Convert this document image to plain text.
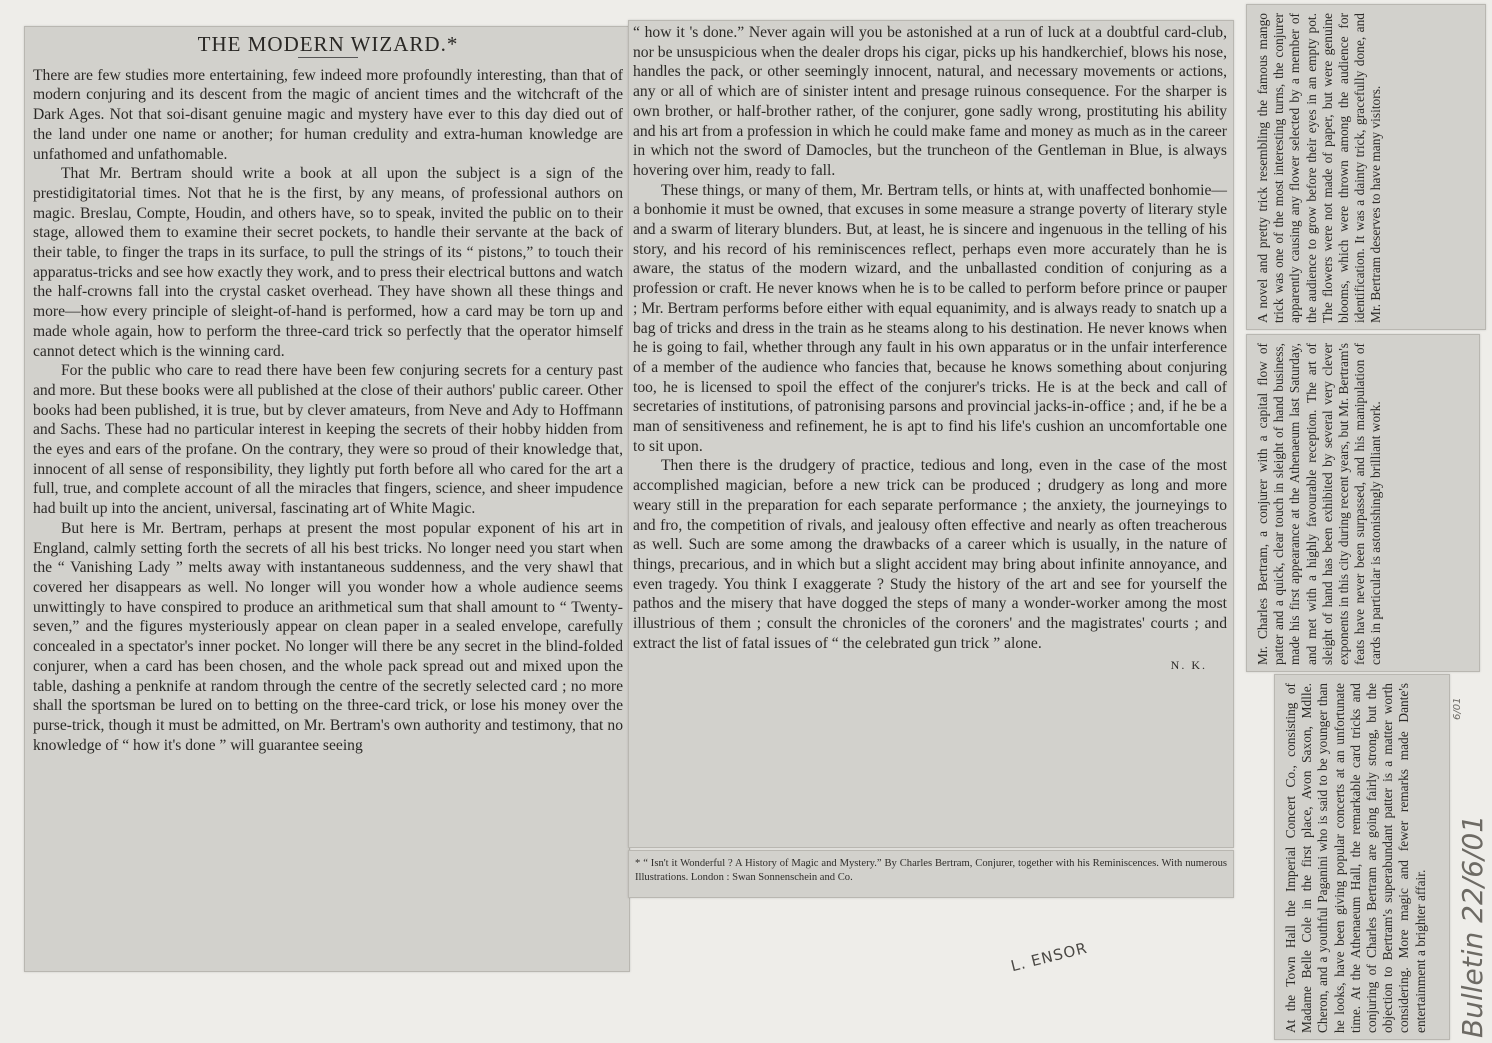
THE MODERN WIZARD.*

There are few studies more entertaining, few indeed more profoundly interesting, than that of modern conjuring and its descent from the magic of ancient times and the witchcraft of the Dark Ages. Not that soi-disant genuine magic and mystery have ever to this day died out of the land under one name or another; for human credulity and extra-human knowledge are unfathomed and unfathomable.

That Mr. Bertram should write a book at all upon the subject is a sign of the prestidigitatorial times. Not that he is the first, by any means, of professional authors on magic. Breslau, Compte, Houdin, and others have, so to speak, invited the public on to their stage, allowed them to examine their secret pockets, to handle their servante at the back of their table, to finger the traps in its surface, to pull the strings of its “ pistons,” to touch their apparatus-tricks and see how exactly they work, and to press their electrical buttons and watch the half-crowns fall into the crystal casket overhead. They have shown all these things and more—how every principle of sleight-of-hand is performed, how a card may be torn up and made whole again, how to perform the three-card trick so perfectly that the operator himself cannot detect which is the winning card.

For the public who care to read there have been few conjuring secrets for a century past and more. But these books were all published at the close of their authors' public career. Other books had been published, it is true, but by clever amateurs, from Neve and Ady to Hoffmann and Sachs. These had no particular interest in keeping the secrets of their hobby hidden from the eyes and ears of the profane. On the contrary, they were so proud of their knowledge that, innocent of all sense of responsibility, they lightly put forth before all who cared for the art a full, true, and complete account of all the miracles that fingers, science, and sheer impudence had built up into the ancient, universal, fascinating art of White Magic.

But here is Mr. Bertram, perhaps at present the most popular exponent of his art in England, calmly setting forth the secrets of all his best tricks. No longer need you start when the “ Vanishing Lady ” melts away with instantaneous suddenness, and the very shawl that covered her disappears as well. No longer will you wonder how a whole audience seems unwittingly to have conspired to produce an arithmetical sum that shall amount to “ Twenty-seven,” and the figures mysteriously appear on clean paper in a sealed envelope, carefully concealed in a spectator's inner pocket. No longer will there be any secret in the blind-folded conjurer, when a card has been chosen, and the whole pack spread out and mixed upon the table, dashing a penknife at random through the centre of the secretly selected card ; no more shall the sportsman be lured on to betting on the three-card trick, or lose his money over the purse-trick, though it must be admitted, on Mr. Bertram's own authority and testimony, that no knowledge of “ how it's done ” will guarantee seeing

“ how it 's done.” Never again will you be astonished at a run of luck at a doubtful card-club, nor be unsuspicious when the dealer drops his cigar, picks up his handkerchief, blows his nose, handles the pack, or other seemingly innocent, natural, and necessary movements or actions, any or all of which are of sinister intent and presage ruinous consequence. For the sharper is own brother, or half-brother rather, of the conjurer, gone sadly wrong, prostituting his ability and his art from a profession in which he could make fame and money as much as in the career in which not the sword of Damocles, but the truncheon of the Gentleman in Blue, is always hovering over him, ready to fall.

These things, or many of them, Mr. Bertram tells, or hints at, with unaffected bonhomie—a bonhomie it must be owned, that excuses in some measure a strange poverty of literary style and a swarm of literary blunders. But, at least, he is sincere and ingenuous in the telling of his story, and his record of his reminiscences reflect, perhaps even more accurately than he is aware, the status of the modern wizard, and the unballasted condition of conjuring as a profession or craft. He never knows when he is to be called to perform before prince or pauper ; Mr. Bertram performs before either with equal equanimity, and is always ready to snatch up a bag of tricks and dress in the train as he steams along to his destination. He never knows when he is going to fail, whether through any fault in his own apparatus or in the unfair interference of a member of the audience who fancies that, because he knows something about conjuring too, he is licensed to spoil the effect of the conjurer's tricks. He is at the beck and call of secretaries of institutions, of patronising parsons and provincial jacks-in-office ; and, if he be a man of sensitiveness and refinement, he is apt to find his life's cushion an uncomfortable one to sit upon.

Then there is the drudgery of practice, tedious and long, even in the case of the most accomplished magician, before a new trick can be produced ; drudgery as long and more weary still in the preparation for each separate performance ; the anxiety, the journeyings to and fro, the competition of rivals, and jealousy often effective and nearly as often treacherous as well. Such are some among the drawbacks of a career which is usually, in the nature of things, precarious, and in which but a slight accident may bring about infinite annoyance, and even tragedy. You think I exaggerate ? Study the history of the art and see for yourself the pathos and the misery that have dogged the steps of many a wonder-worker among the most illustrious of them ; consult the chronicles of the coroners' and the magistrates' courts ; and extract the list of fatal issues of “ the celebrated gun trick ” alone.

N. K.
* “ Isn't it Wonderful ? A History of Magic and Mystery.” By Charles Bertram, Conjurer, together with his Reminiscences. With numerous Illustrations. London : Swan Sonnenschein and Co.
A novel and pretty trick resembling the famous mango trick was one of the most interesting turns, the conjurer apparently causing any flower selected by a member of the audience to grow before their eyes in an empty pot. The flowers were not made of paper, but were genuine blooms, which were thrown among the audience for identification. It was a dainty trick, gracefully done, and Mr. Bertram deserves to have many visitors.
Mr. Charles Bertram, a conjurer with a capital flow of patter and a quick, clear touch in sleight of hand business, made his first appearance at the Athenaeum last Saturday, and met with a highly favourable reception. The art of sleight of hand has been exhibited by several very clever exponents in this city during recent years, but Mr. Bertram's feats have never been surpassed, and his manipulation of cards in particular is astonishingly brilliant work.
At the Town Hall the Imperial Concert Co., consisting of Madame Belle Cole in the first place, Avon Saxon, Mdlle. Cheron, and a youthful Paganini who is said to be younger than he looks, have been giving popular concerts at an unfortunate time. At the Athenaeum Hall, the remarkable card tricks and conjuring of Charles Bertram are going fairly strong, but the objection to Bertram's superabundant patter is a matter worth considering. More magic and fewer remarks made Dante's entertainment a brighter affair.
L. ENSOR	Bulletin 22/6/01
6/01
